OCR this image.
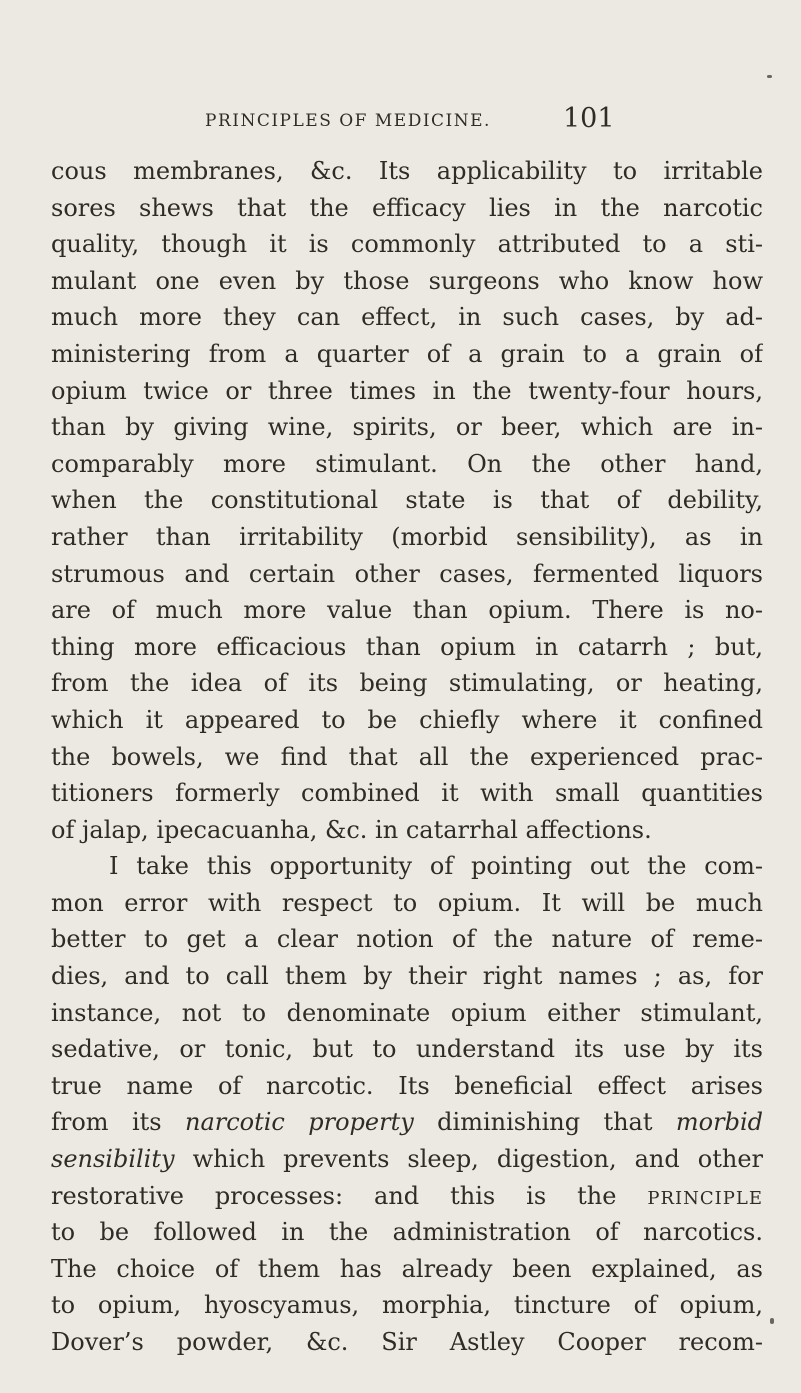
PRINCIPLES OF MEDICINE.	101
cous membranes, &c. Its applicability to irritable
sores shews that the efficacy lies in the narcotic
quality, though it is commonly attributed to a sti-
mulant one even by those surgeons who know how
much more they can effect, in such cases, by ad-
ministering from a quarter of a grain to a grain of
opium twice or three times in the twenty-four hours,
than by giving wine, spirits, or beer, which are in-
comparably more stimulant. On the other hand,
when the constitutional state is that of debility,
rather than irritability (morbid sensibility), as in
strumous and certain other cases, fermented liquors
are of much more value than opium. There is no-
thing more efficacious than opium in catarrh ; but,
from the idea of its being stimulating, or heating,
which it appeared to be chiefly where it confined
the bowels, we find that all the experienced prac-
titioners formerly combined it with small quantities
of jalap, ipecacuanha, &c. in catarrhal affections.
I take this opportunity of pointing out the com-
mon error with respect to opium. It will be much
better to get a clear notion of the nature of reme-
dies, and to call them by their right names ; as, for
instance, not to denominate opium either stimulant,
sedative, or tonic, but to understand its use by its
true name of narcotic. Its beneficial effect arises
from its narcotic property diminishing that morbid
sensibility which prevents sleep, digestion, and other
restorative processes: and this is the PRINCIPLE
to be followed in the administration of narcotics.
The choice of them has already been explained, as
to opium, hyoscyamus, morphia, tincture of opium,
Dover’s powder, &c. Sir Astley Cooper recom-
